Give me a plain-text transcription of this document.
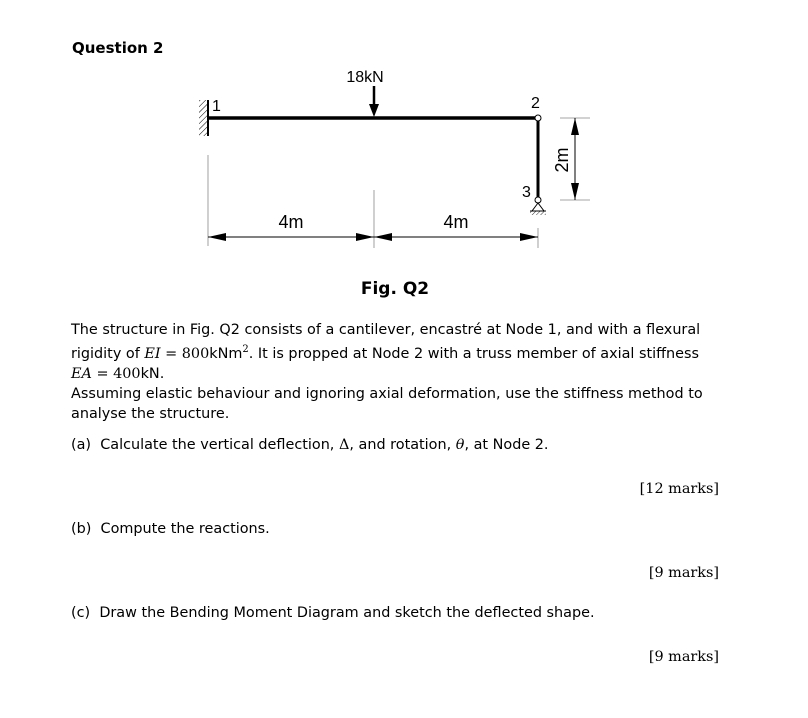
Question 2
18kN
1	2
3
4m	4m
2m
Fig. Q2
The structure in Fig. Q2 consists of a cantilever, encastré at Node 1, and with a flexural
rigidity of EI = 800kNm$^2$. It is propped at Node 2 with a truss member of axial stiffness
EA = 400kN.
Assuming elastic behaviour and ignoring axial deformation, use the stiffness method to
analyse the structure.
(a) Calculate the vertical deflection, Δ, and rotation, θ, at Node 2.
[12 marks]
(b) Compute the reactions.
[9 marks]
(c) Draw the Bending Moment Diagram and sketch the deflected shape.
[9 marks]
